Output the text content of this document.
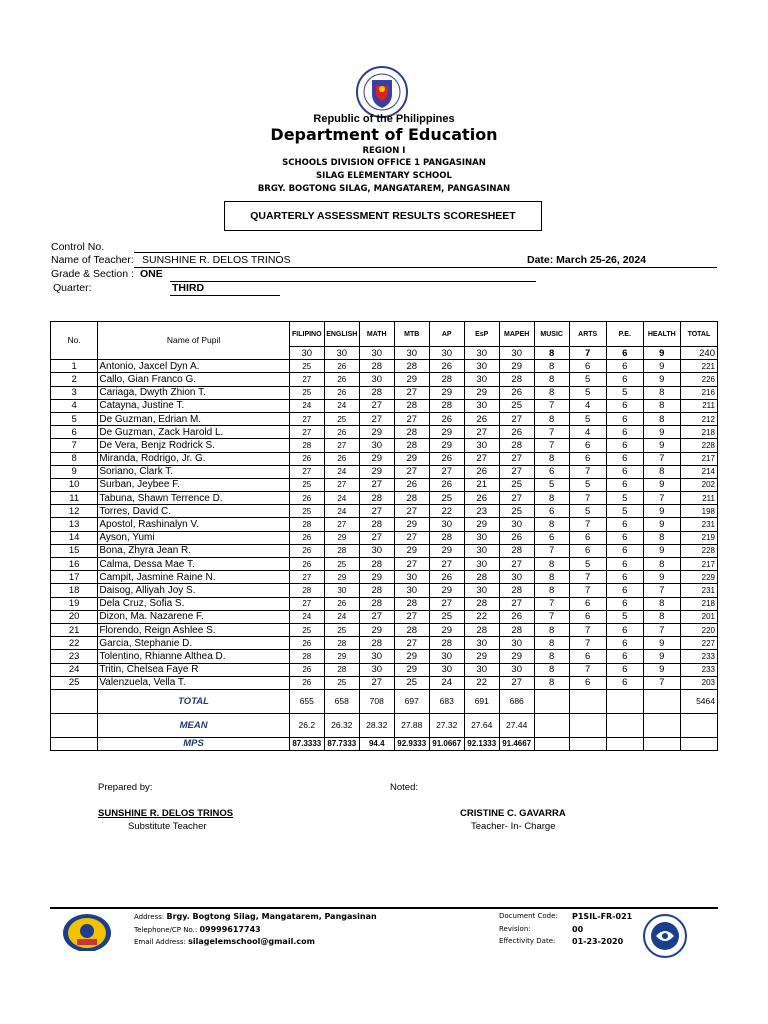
Republic of the Philippines
Department of Education
REGION I
SCHOOLS DIVISION OFFICE 1 PANGASINAN
SILAG ELEMENTARY SCHOOL
BRGY. BOGTONG SILAG, MANGATAREM, PANGASINAN
QUARTERLY ASSESSMENT RESULTS SCORESHEET
Control No.
Name of Teacher: SUNSHINE R. DELOS TRINOS	Date: March 25-26, 2024
Grade & Section : ONE
Quarter:	THIRD
No.	Name of Pupil	FILIPINO	ENGLISH	MATH	MTB	AP	EsP	MAPEH	MUSIC	ARTS	P.E.	HEALTH	TOTAL
		30	30	30	30	30	30	30	8	7	6	9	240
1	Antonio, Jaxcel Dyn A.	25	26	28	28	26	30	29	8	6	6	9	221
2	Callo, Gian Franco G.	27	26	30	29	28	30	28	8	5	6	9	226
3	Cariaga, Dwyth Zhion T.	25	26	28	27	29	29	26	8	5	5	8	216
4	Catayna, Justine T.	24	24	27	28	28	30	25	7	4	6	8	211
5	De Guzman, Edrian M.	27	25	27	27	26	26	27	8	5	6	8	212
6	De Guzman, Zack Harold L.	27	26	29	28	29	27	26	7	4	6	9	218
7	De Vera, Benjz Rodrick S.	28	27	30	28	29	30	28	7	6	6	9	228
8	Miranda, Rodrigo, Jr. G.	26	26	29	29	26	27	27	8	6	6	7	217
9	Soriano, Clark T.	27	24	29	27	27	26	27	6	7	6	8	214
10	Surban, Jeybee F.	25	27	27	26	26	21	25	5	5	6	9	202
11	Tabuna, Shawn Terrence D.	26	24	28	28	25	26	27	8	7	5	7	211
12	Torres, David C.	25	24	27	27	22	23	25	6	5	5	9	198
13	Apostol, Rashinalyn V.	28	27	28	29	30	29	30	8	7	6	9	231
14	Ayson, Yumi	26	29	27	27	28	30	26	6	6	6	8	219
15	Bona, Zhyra Jean R.	26	28	30	29	29	30	28	7	6	6	9	228
16	Calma, Dessa Mae T.	26	25	28	27	27	30	27	8	5	6	8	217
17	Campit, Jasmine Raine N.	27	29	29	30	26	28	30	8	7	6	9	229
18	Daisog, Alliyah Joy S.	28	30	28	30	29	30	28	8	7	6	7	231
19	Dela Cruz, Sofia S.	27	26	28	28	27	28	27	7	6	6	8	218
20	Dizon, Ma. Nazarene F.	24	24	27	27	25	22	26	7	6	5	8	201
21	Florendo, Reign Ashlee S.	25	25	29	28	29	28	28	8	7	6	7	220
22	Garcia, Stephanie D.	26	28	28	27	28	30	30	8	7	6	9	227
23	Tolentino, Rhianne Althea D.	28	29	30	29	30	29	29	8	6	6	9	233
24	Tritin, Chelsea Faye R	26	28	30	29	30	30	30	8	7	6	9	233
25	Valenzuela, Vella T.	26	25	27	25	24	22	27	8	6	6	7	203
	TOTAL	655	658	708	697	683	691	686					5464
	MEAN	26.2	26.32	28.32	27.88	27.32	27.64	27.44					
	MPS	87.3333	87.7333	94.4	92.9333	91.0667	92.1333	91.4667					
Prepared by:	Noted:
SUNSHINE R. DELOS TRINOS
Substitute Teacher
CRISTINE C. GAVARRA
Teacher- In- Charge
Address: Brgy. Bogtong Silag, Mangatarem, Pangasinan
Telephone/CP No.: 09999617743
Email Address: silagelemschool@gmail.com
Document Code: P1SIL-FR-021
Revision:	00
Effectivity Date: 01-23-2020
